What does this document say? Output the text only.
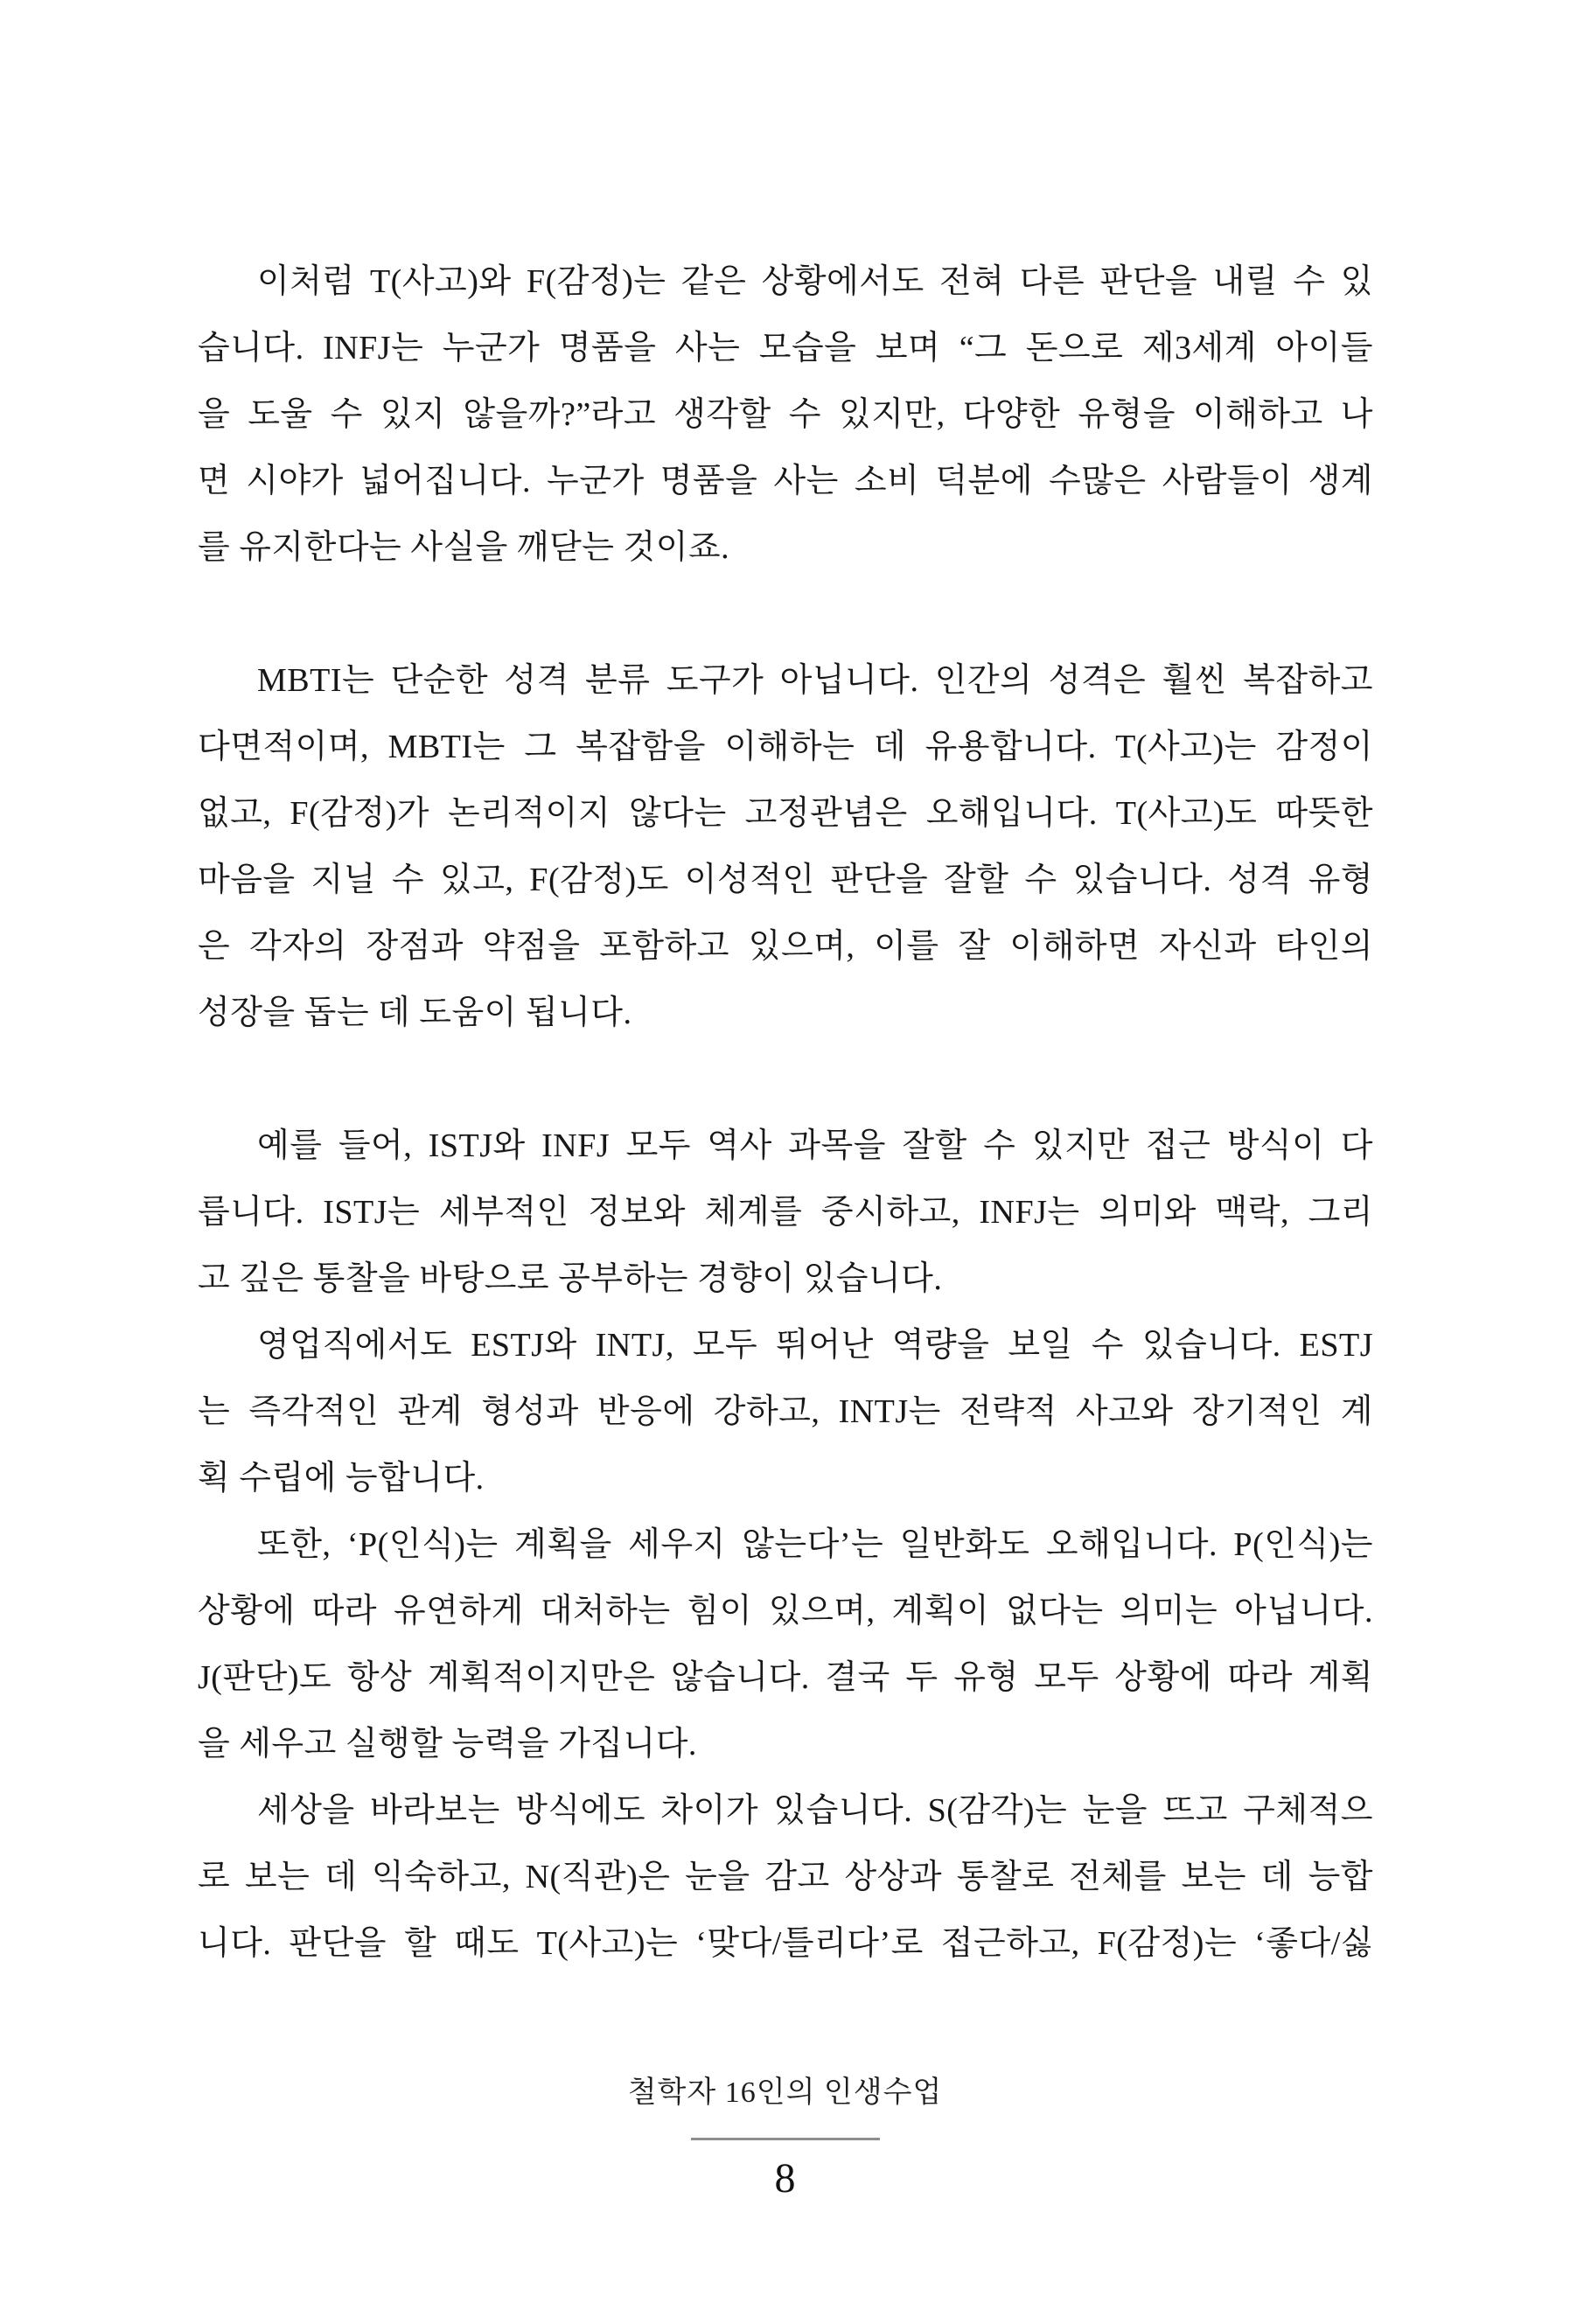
이처럼 T(사고)와 F(감정)는 같은 상황에서도 전혀 다른 판단을 내릴 수 있
습니다. INFJ는 누군가 명품을 사는 모습을 보며 “그 돈으로 제3세계 아이들
을 도울 수 있지 않을까?”라고 생각할 수 있지만, 다양한 유형을 이해하고 나
면 시야가 넓어집니다. 누군가 명품을 사는 소비 덕분에 수많은 사람들이 생계
를 유지한다는 사실을 깨닫는 것이죠.
MBTI는 단순한 성격 분류 도구가 아닙니다. 인간의 성격은 훨씬 복잡하고
다면적이며, MBTI는 그 복잡함을 이해하는 데 유용합니다. T(사고)는 감정이
없고, F(감정)가 논리적이지 않다는 고정관념은 오해입니다. T(사고)도 따뜻한
마음을 지닐 수 있고, F(감정)도 이성적인 판단을 잘할 수 있습니다. 성격 유형
은 각자의 장점과 약점을 포함하고 있으며, 이를 잘 이해하면 자신과 타인의
성장을 돕는 데 도움이 됩니다.
예를 들어, ISTJ와 INFJ 모두 역사 과목을 잘할 수 있지만 접근 방식이 다
릅니다. ISTJ는 세부적인 정보와 체계를 중시하고, INFJ는 의미와 맥락, 그리
고 깊은 통찰을 바탕으로 공부하는 경향이 있습니다.
영업직에서도 ESTJ와 INTJ, 모두 뛰어난 역량을 보일 수 있습니다. ESTJ
는 즉각적인 관계 형성과 반응에 강하고, INTJ는 전략적 사고와 장기적인 계
획 수립에 능합니다.
또한, ‘P(인식)는 계획을 세우지 않는다’는 일반화도 오해입니다. P(인식)는
상황에 따라 유연하게 대처하는 힘이 있으며, 계획이 없다는 의미는 아닙니다.
J(판단)도 항상 계획적이지만은 않습니다. 결국 두 유형 모두 상황에 따라 계획
을 세우고 실행할 능력을 가집니다.
세상을 바라보는 방식에도 차이가 있습니다. S(감각)는 눈을 뜨고 구체적으
로 보는 데 익숙하고, N(직관)은 눈을 감고 상상과 통찰로 전체를 보는 데 능합
니다. 판단을 할 때도 T(사고)는 ‘맞다/틀리다’로 접근하고, F(감정)는 ‘좋다/싫
철학자 16인의 인생수업
8
